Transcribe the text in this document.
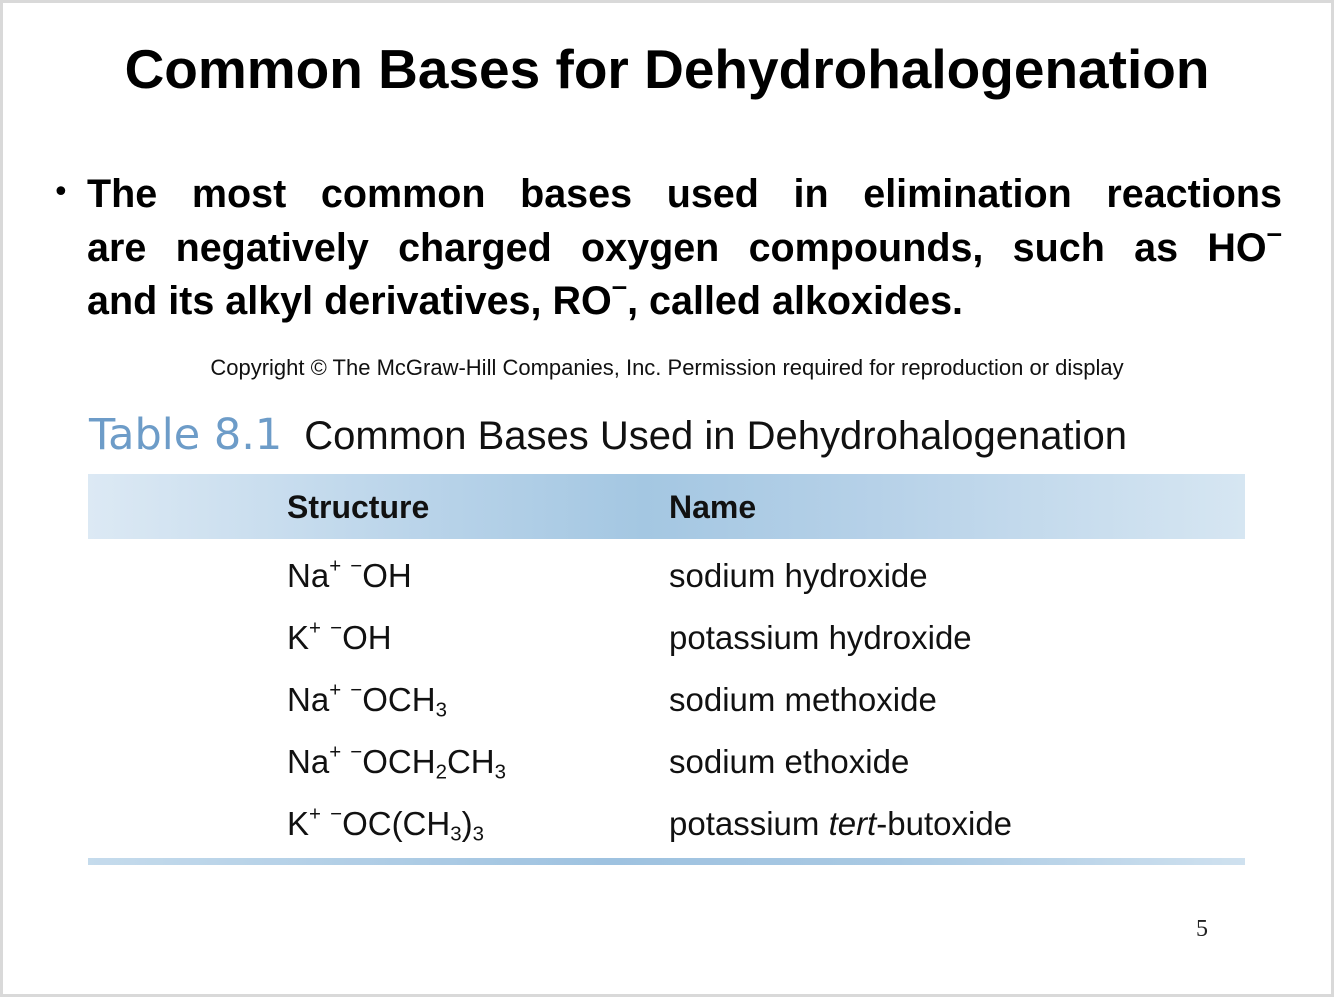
Common Bases for Dehydrohalogenation
• The most common bases used in elimination reactions
are negatively charged oxygen compounds, such as HO–
and its alkyl derivatives, RO–, called alkoxides.
Copyright © The McGraw-Hill Companies, Inc. Permission required for reproduction or display
Table 8.1 Common Bases Used in Dehydrohalogenation
Structure	Name
Na+ −OH	sodium hydroxide
K+ −OH	potassium hydroxide
Na+ $^-OCH_3$	sodium methoxide
Na+ $^-OCH_2CH_3$	sodium ethoxide
K+ $^-OC(CH_3)_3$	potassium tert-butoxide
5
